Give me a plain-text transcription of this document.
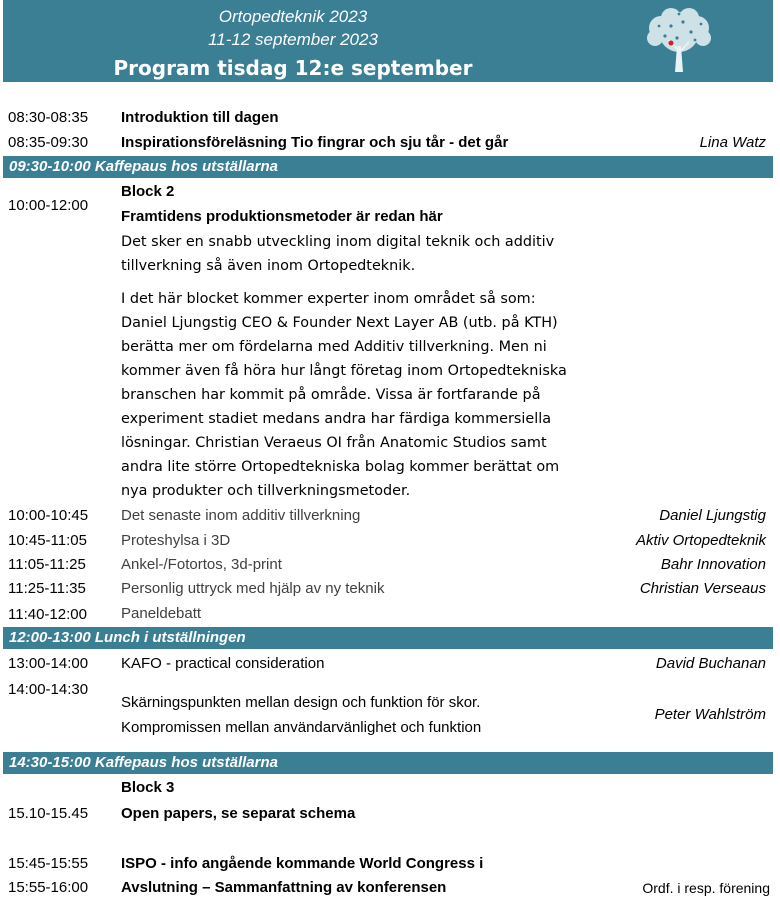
Ortopedteknik 2023
11-12 september 2023
Program tisdag 12:e september
08:30-08:35 Introduktion till dagen
08:35-09:30 Inspirationsföreläsning Tio fingrar och sju tår - det går	Lina Watz
09:30-10:00 Kaffepaus hos utställarna
10:00-12:00
Block 2
Framtidens produktionsmetoder är redan här
Det sker en snabb utveckling inom digital teknik och additiv
tillverkning så även inom Ortopedteknik.
I det här blocket kommer experter inom området så som:
Daniel Ljungstig CEO & Founder Next Layer AB (utb. på KTH)
berätta mer om fördelarna med Additiv tillverkning. Men ni
kommer även få höra hur långt företag inom Ortopedtekniska
branschen har kommit på område. Vissa är fortfarande på
experiment stadiet medans andra har färdiga kommersiella
lösningar. Christian Veraeus OI från Anatomic Studios samt
andra lite större Ortopedtekniska bolag kommer berättat om
nya produkter och tillverkningsmetoder.
10:00-10:45 Det senaste inom additiv tillverkning	Daniel Ljungstig
10:45-11:05 Proteshylsa i 3D	Aktiv Ortopedteknik
11:05-11:25 Ankel-/Fotortos, 3d-print	Bahr Innovation
11:25-11:35 Personlig uttryck med hjälp av ny teknik	Christian Verseaus
11:40-12:00 Paneldebatt
12:00-13:00 Lunch i utställningen
13:00-14:00 KAFO - practical consideration	David Buchanan
14:00-14:30
Skärningspunkten mellan design och funktion för skor.
Kompromissen mellan användarvänlighet och funktion
Peter Wahlström
14:30-15:00 Kaffepaus hos utställarna
Block 3
15.10-15.45 Open papers, se separat schema
15:45-15:55 ISPO - info angående kommande World Congress i
15:55-16:00 Avslutning – Sammanfattning av konferensen	Ordf. i resp. förening
